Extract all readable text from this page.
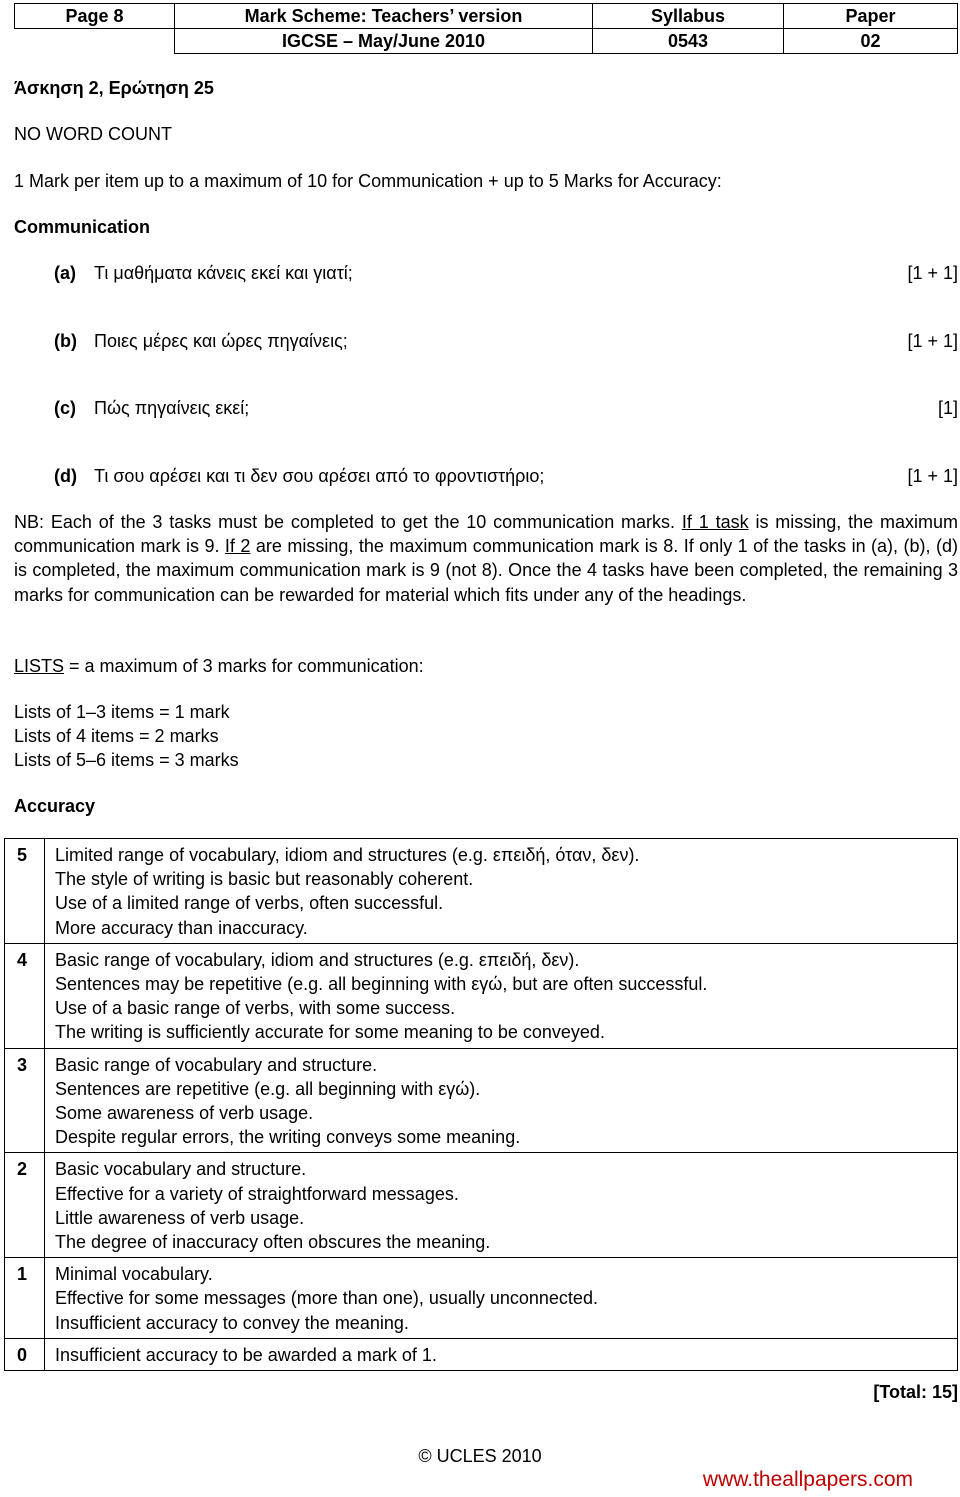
Page 8	Mark Scheme: Teachers’ version	Syllabus	Paper
	IGCSE – May/June 2010	0543	02
Άσκηση 2, Ερώτηση 25
NO WORD COUNT
1 Mark per item up to a maximum of 10 for Communication + up to 5 Marks for Accuracy:
Communication
(a) Τι μαθήματα κάνεις εκεί και γιατί;	[1 + 1]
(b) Ποιες μέρες και ώρες πηγαίνεις;	[1 + 1]
(c) Πώς πηγαίνεις εκεί;	[1]
(d) Τι σου αρέσει και τι δεν σου αρέσει από το φροντιστήριο;	[1 + 1]
NB: Each of the 3 tasks must be completed to get the 10 communication marks. If 1 task is missing, the maximum communication mark is 9. If 2 are missing, the maximum communication mark is 8. If only 1 of the tasks in (a), (b), (d) is completed, the maximum communication mark is 9 (not 8). Once the 4 tasks have been completed, the remaining 3 marks for communication can be rewarded for material which fits under any of the headings.
LISTS = a maximum of 3 marks for communication:
Lists of 1–3 items = 1 mark
Lists of 4 items = 2 marks
Lists of 5–6 items = 3 marks
Accuracy
5	Limited range of vocabulary, idiom and structures (e.g. επειδή, όταν, δεν).
The style of writing is basic but reasonably coherent.
Use of a limited range of verbs, often successful.
More accuracy than inaccuracy.

4	Basic range of vocabulary, idiom and structures (e.g. επειδή, δεν).
Sentences may be repetitive (e.g. all beginning with εγώ, but are often successful.
Use of a basic range of verbs, with some success.
The writing is sufficiently accurate for some meaning to be conveyed.

3	Basic range of vocabulary and structure.
Sentences are repetitive (e.g. all beginning with εγώ).
Some awareness of verb usage.
Despite regular errors, the writing conveys some meaning.

2	Basic vocabulary and structure.
Effective for a variety of straightforward messages.
Little awareness of verb usage.
The degree of inaccuracy often obscures the meaning.

1	Minimal vocabulary.
Effective for some messages (more than one), usually unconnected.
Insufficient accuracy to convey the meaning.

0	Insufficient accuracy to be awarded a mark of 1.
[Total: 15]
© UCLES 2010
www.theallpapers.com
